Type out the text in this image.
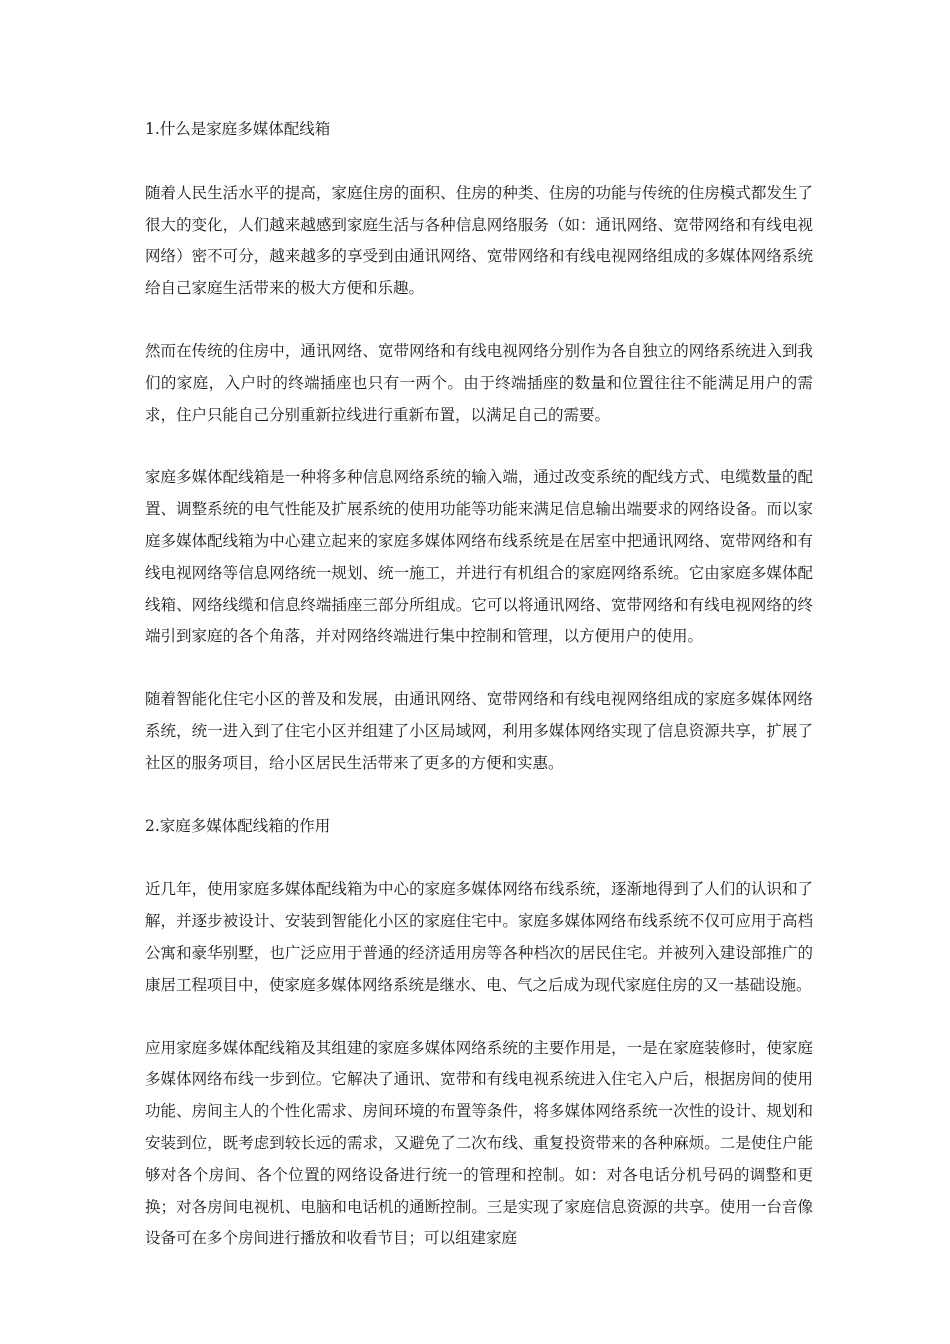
1.什么是家庭多媒体配线箱

随着人民生活水平的提高，家庭住房的面积、住房的种类、住房的功能与传统的住房模式都发生了很大的变化，人们越来越感到家庭生活与各种信息网络服务（如：通讯网络、宽带网络和有线电视网络）密不可分，越来越多的享受到由通讯网络、宽带网络和有线电视网络组成的多媒体网络系统给自己家庭生活带来的极大方便和乐趣。

然而在传统的住房中，通讯网络、宽带网络和有线电视网络分别作为各自独立的网络系统进入到我们的家庭，入户时的终端插座也只有一两个。由于终端插座的数量和位置往往不能满足用户的需求，住户只能自己分别重新拉线进行重新布置，以满足自己的需要。

家庭多媒体配线箱是一种将多种信息网络系统的输入端，通过改变系统的配线方式、电缆数量的配置、调整系统的电气性能及扩展系统的使用功能等功能来满足信息输出端要求的网络设备。而以家庭多媒体配线箱为中心建立起来的家庭多媒体网络布线系统是在居室中把通讯网络、宽带网络和有线电视网络等信息网络统一规划、统一施工，并进行有机组合的家庭网络系统。它由家庭多媒体配线箱、网络线缆和信息终端插座三部分所组成。它可以将通讯网络、宽带网络和有线电视网络的终端引到家庭的各个角落，并对网络终端进行集中控制和管理，以方便用户的使用。

随着智能化住宅小区的普及和发展，由通讯网络、宽带网络和有线电视网络组成的家庭多媒体网络系统，统一进入到了住宅小区并组建了小区局域网，利用多媒体网络实现了信息资源共享，扩展了社区的服务项目，给小区居民生活带来了更多的方便和实惠。

2.家庭多媒体配线箱的作用

近几年，使用家庭多媒体配线箱为中心的家庭多媒体网络布线系统，逐渐地得到了人们的认识和了解，并逐步被设计、安装到智能化小区的家庭住宅中。家庭多媒体网络布线系统不仅可应用于高档公寓和豪华别墅，也广泛应用于普通的经济适用房等各种档次的居民住宅。并被列入建设部推广的康居工程项目中，使家庭多媒体网络系统是继水、电、气之后成为现代家庭住房的又一基础设施。

应用家庭多媒体配线箱及其组建的家庭多媒体网络系统的主要作用是，一是在家庭装修时，使家庭多媒体网络布线一步到位。它解决了通讯、宽带和有线电视系统进入住宅入户后，根据房间的使用功能、房间主人的个性化需求、房间环境的布置等条件，将多媒体网络系统一次性的设计、规划和安装到位，既考虑到较长远的需求，又避免了二次布线、重复投资带来的各种麻烦。二是使住户能够对各个房间、各个位置的网络设备进行统一的管理和控制。如：对各电话分机号码的调整和更换；对各房间电视机、电脑和电话机的通断控制。三是实现了家庭信息资源的共享。使用一台音像设备可在多个房间进行播放和收看节目；可以组建家庭
